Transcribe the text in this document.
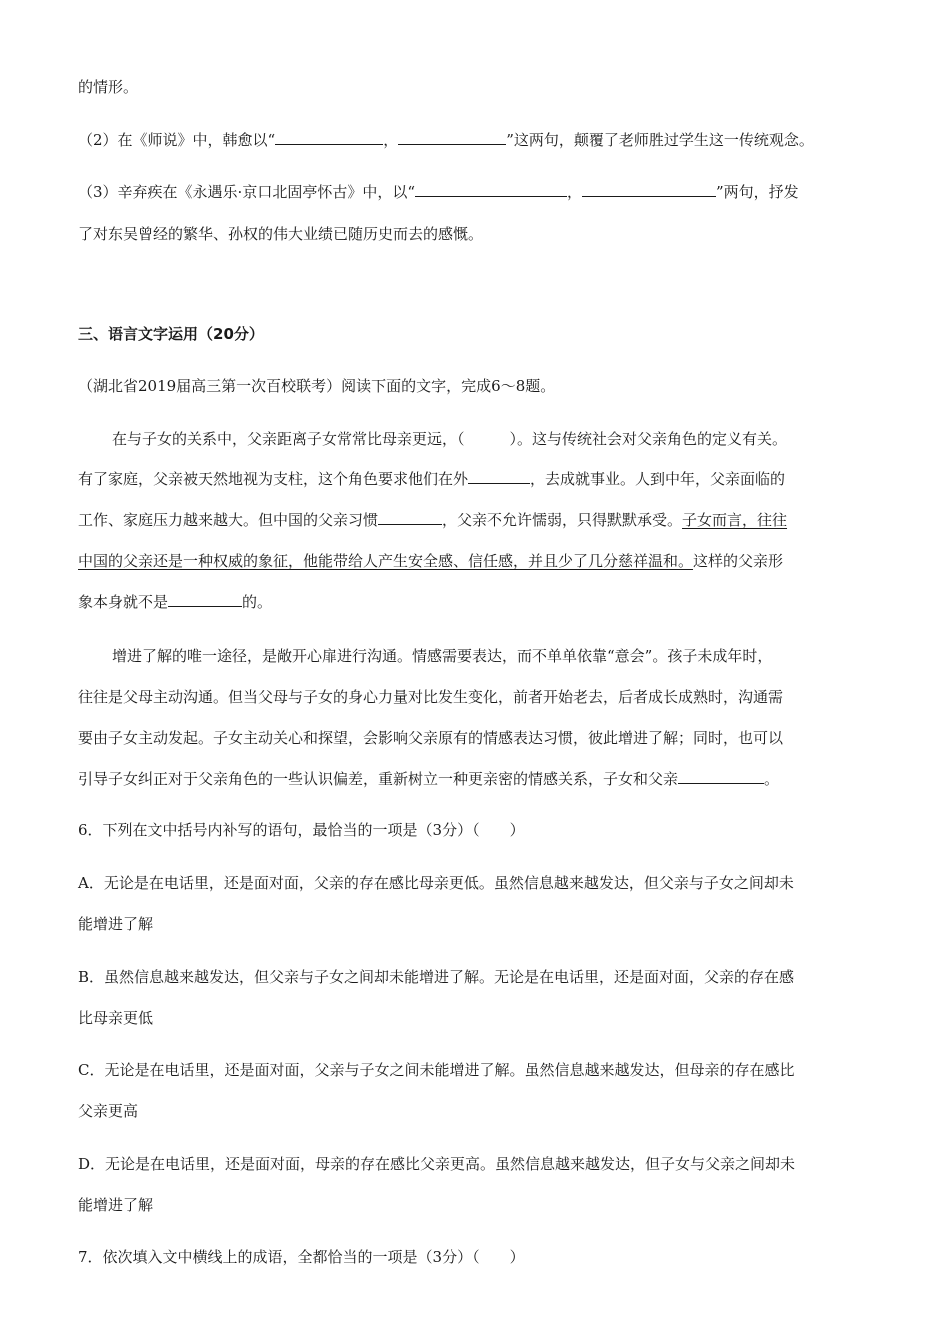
的情形。
（2）在《师说》中，韩愈以“	，	”这两句，颠覆了老师胜过学生这一传统观念。
（3）辛弃疾在《永遇乐·京口北固亭怀古》中，以“	，	”两句，抒发
了对东吴曾经的繁华、孙权的伟大业绩已随历史而去的感慨。
三、语言文字运用（20分）
（湖北省2019届高三第一次百校联考）阅读下面的文字，完成6～8题。
在与子女的关系中，父亲距离子女常常比母亲更远，（　　　）。这与传统社会对父亲角色的定义有关。
有了家庭，父亲被天然地视为支柱，这个角色要求他们在外	，去成就事业。人到中年，父亲面临的
工作、家庭压力越来越大。但中国的父亲习惯	，父亲不允许懦弱，只得默默承受。子女而言，往往
中国的父亲还是一种权威的象征，他能带给人产生安全感、信任感，并且少了几分慈祥温和。这样的父亲形
象本身就不是	的。
增进了解的唯一途径，是敞开心扉进行沟通。情感需要表达，而不单单依靠“意会”。孩子未成年时，
往往是父母主动沟通。但当父母与子女的身心力量对比发生变化，前者开始老去，后者成长成熟时，沟通需
要由子女主动发起。子女主动关心和探望，会影响父亲原有的情感表达习惯，彼此增进了解；同时，也可以
引导子女纠正对于父亲角色的一些认识偏差，重新树立一种更亲密的情感关系，子女和父亲	。
6．下列在文中括号内补写的语句，最恰当的一项是（3分）（　　）
A．无论是在电话里，还是面对面，父亲的存在感比母亲更低。虽然信息越来越发达，但父亲与子女之间却未
能增进了解
B．虽然信息越来越发达，但父亲与子女之间却未能增进了解。无论是在电话里，还是面对面，父亲的存在感
比母亲更低
C．无论是在电话里，还是面对面，父亲与子女之间未能增进了解。虽然信息越来越发达，但母亲的存在感比
父亲更高
D．无论是在电话里，还是面对面，母亲的存在感比父亲更高。虽然信息越来越发达，但子女与父亲之间却未
能增进了解
7．依次填入文中横线上的成语，全都恰当的一项是（3分）（　　）
